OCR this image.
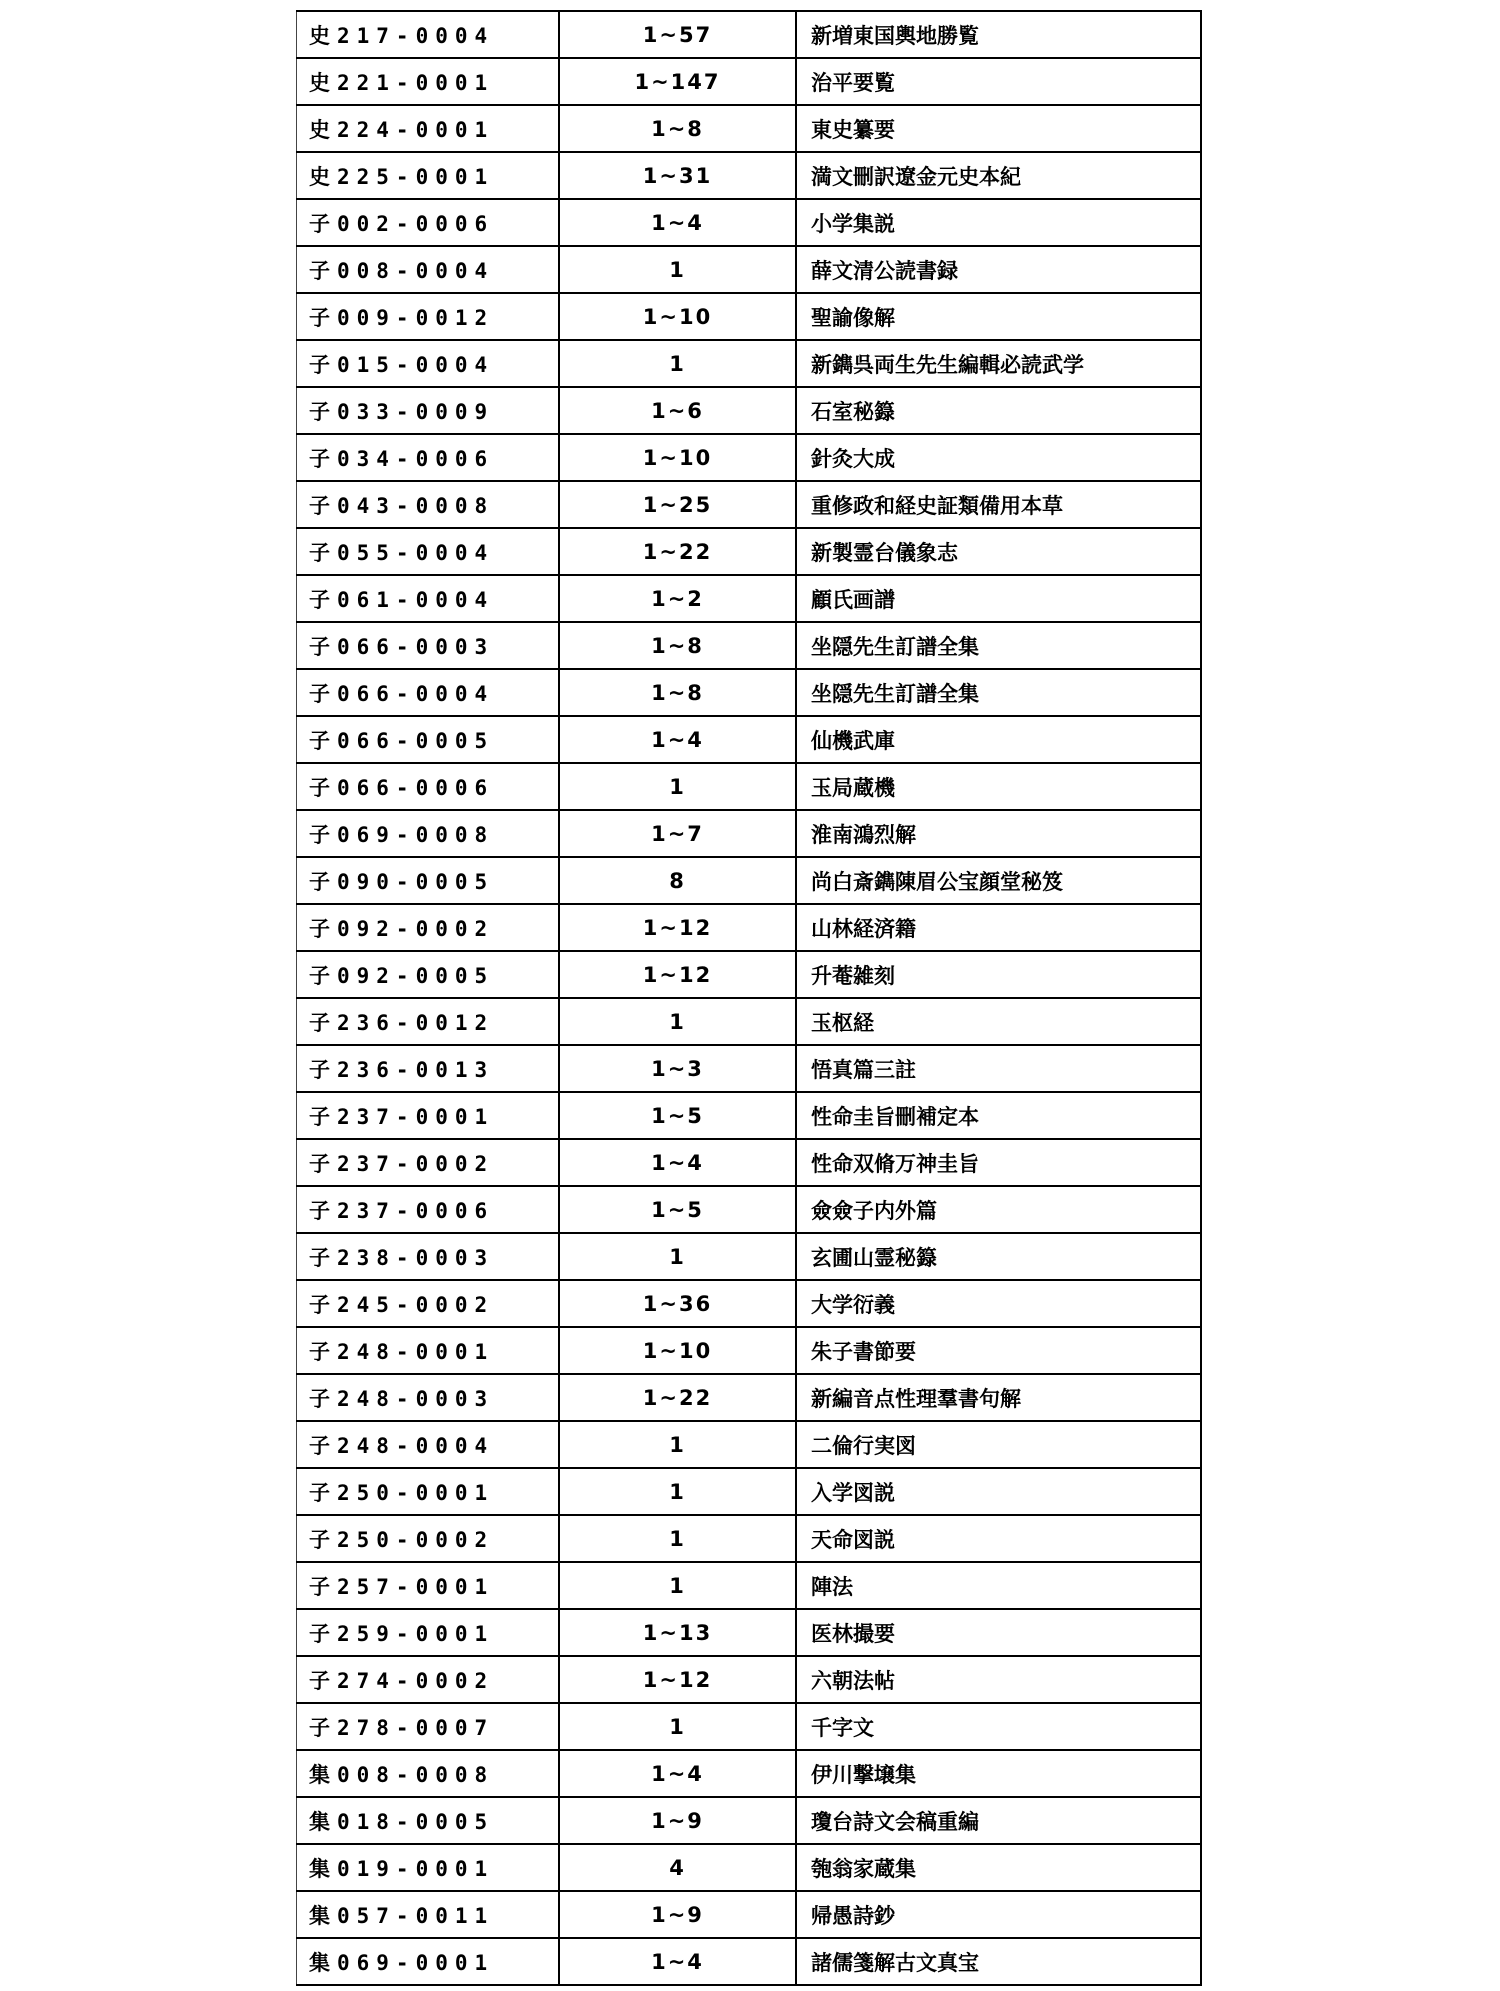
史217-0004	1~57	新増東国輿地勝覧
史221-0001	1~147	治平要覧
史224-0001	1~8	東史纂要
史225-0001	1~31	満文刪訳遼金元史本紀
子002-0006	1~4	小学集説
子008-0004	1	薛文清公読書録
子009-0012	1~10	聖諭像解
子015-0004	1	新鐫呉両生先生編輯必読武学
子033-0009	1~6	石室秘籙
子034-0006	1~10	針灸大成
子043-0008	1~25	重修政和経史証類備用本草
子055-0004	1~22	新製霊台儀象志
子061-0004	1~2	顧氏画譜
子066-0003	1~8	坐隠先生訂譜全集
子066-0004	1~8	坐隠先生訂譜全集
子066-0005	1~4	仙機武庫
子066-0006	1	玉局蔵機
子069-0008	1~7	淮南鴻烈解
子090-0005	8	尚白斎鐫陳眉公宝顔堂秘笈
子092-0002	1~12	山林経済籍
子092-0005	1~12	升菴雑刻
子236-0012	1	玉枢経
子236-0013	1~3	悟真篇三註
子237-0001	1~5	性命圭旨刪補定本
子237-0002	1~4	性命双脩万神圭旨
子237-0006	1~5	僉僉子内外篇
子238-0003	1	玄圃山霊秘籙
子245-0002	1~36	大学衍義
子248-0001	1~10	朱子書節要
子248-0003	1~22	新編音点性理羣書句解
子248-0004	1	二倫行実図
子250-0001	1	入学図説
子250-0002	1	天命図説
子257-0001	1	陣法
子259-0001	1~13	医林撮要
子274-0002	1~12	六朝法帖
子278-0007	1	千字文
集008-0008	1~4	伊川撃壌集
集018-0005	1~9	瓊台詩文会稿重編
集019-0001	4	匏翁家蔵集
集057-0011	1~9	帰愚詩鈔
集069-0001	1~4	諸儒箋解古文真宝
